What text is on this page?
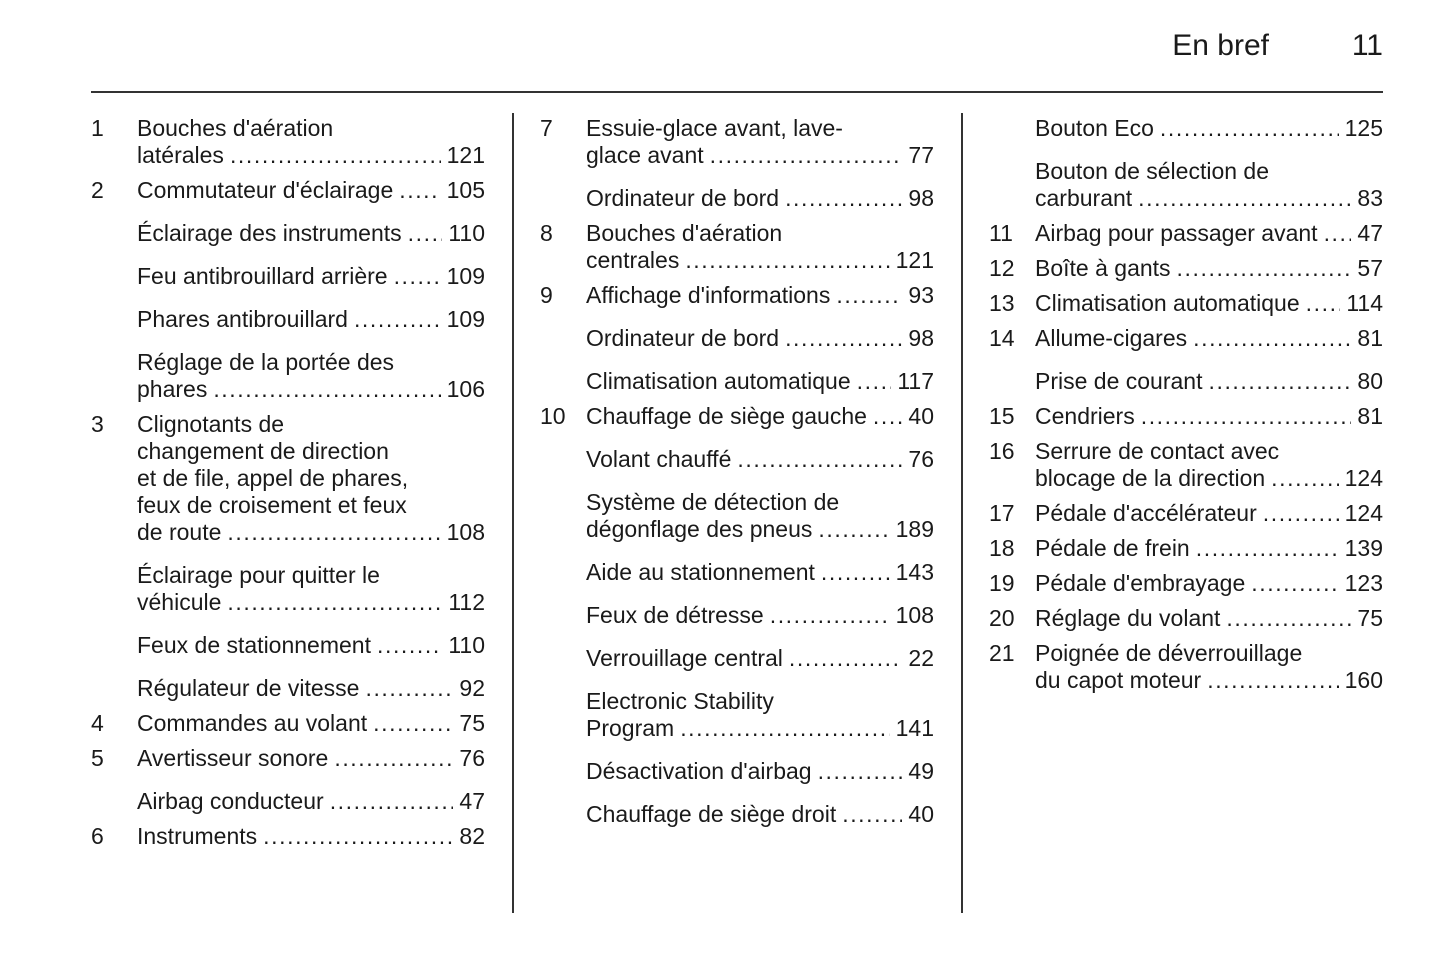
En bref	11
1 Bouches d'aération
latérales . . .	121
2 Commutateur d'éclairage . . . 105
Éclairage des instruments . . . 110
Feu antibrouillard arrière . . .	109
Phares antibrouillard . . .	109
Réglage de la portée des
phares . . .	106
3 Clignotants de
changement de direction
et de file, appel de phares,
feux de croisement et feux
de route . . .	108
Éclairage pour quitter le
véhicule . . .	112
Feux de stationnement . . .	110
Régulateur de vitesse . . .	92
4 Commandes au volant . . .	75
5 Avertisseur sonore . . .	76
Airbag conducteur . . .	47
6 Instruments . . .	82
7 Essuie-glace avant, lave-
glace avant . . .	77
Ordinateur de bord . . .	98
8 Bouches d'aération
centrales . . .	121
9 Affichage d'informations . . .	93
Ordinateur de bord . . .	98
Climatisation automatique . . . 117
10 Chauffage de siège gauche . . . 40
Volant chauffé . . .	76
Système de détection de
dégonflage des pneus . . .	189
Aide au stationnement . . .	143
Feux de détresse . . .	108
Verrouillage central . . .	22
Electronic Stability
Program . . .	141
Désactivation d'airbag . . .	49
Chauffage de siège droit . . .	40
Bouton Eco . . .	125
Bouton de sélection de
carburant . . .	83
11 Airbag pour passager avant . . . 47
12 Boîte à gants . . .	57
13 Climatisation automatique . . . 114
14 Allume-cigares . . .	81
Prise de courant . . .	80
15 Cendriers . . .	81
16 Serrure de contact avec
blocage de la direction . . .	124
17 Pédale d'accélérateur . . .	124
18 Pédale de frein . . .	139
19 Pédale d'embrayage . . .	123
20 Réglage du volant . . .	75
21 Poignée de déverrouillage
du capot moteur . . .	160
